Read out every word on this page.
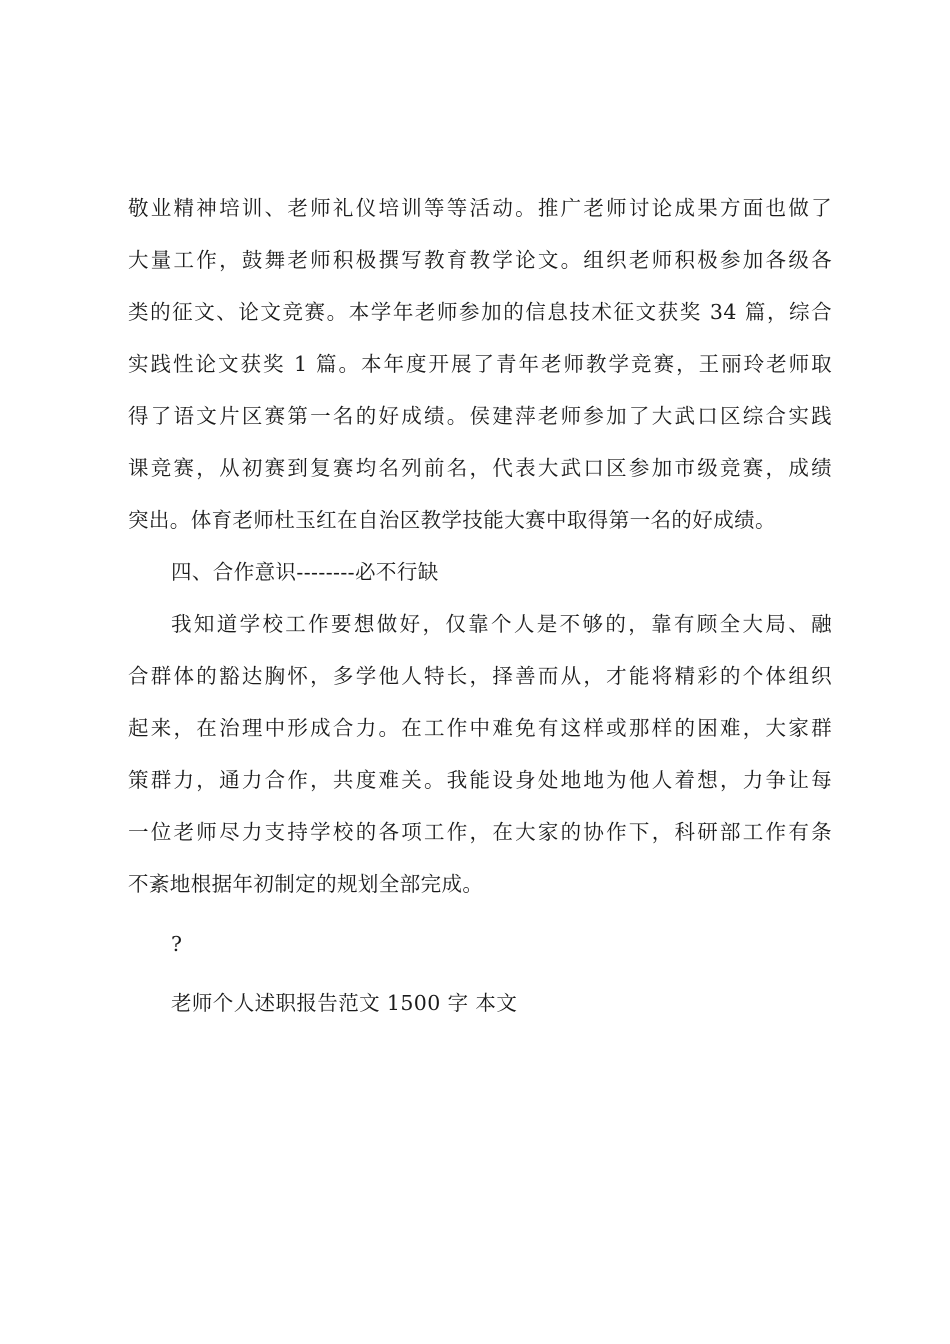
敬业精神培训、老师礼仪培训等等活动。推广老师讨论成果方面也做了
大量工作，鼓舞老师积极撰写教育教学论文。组织老师积极参加各级各
类的征文、论文竞赛。本学年老师参加的信息技术征文获奖 34 篇，综合
实践性论文获奖 1 篇。本年度开展了青年老师教学竞赛，王丽玲老师取
得了语文片区赛第一名的好成绩。侯建萍老师参加了大武口区综合实践
课竞赛，从初赛到复赛均名列前名，代表大武口区参加市级竞赛，成绩
突出。体育老师杜玉红在自治区教学技能大赛中取得第一名的好成绩。
四、合作意识--------必不行缺
我知道学校工作要想做好，仅靠个人是不够的，靠有顾全大局、融
合群体的豁达胸怀，多学他人特长，择善而从，才能将精彩的个体组织
起来，在治理中形成合力。在工作中难免有这样或那样的困难，大家群
策群力，通力合作，共度难关。我能设身处地地为他人着想，力争让每
一位老师尽力支持学校的各项工作，在大家的协作下，科研部工作有条
不紊地根据年初制定的规划全部完成。
?
老师个人述职报告范文 1500 字 本文
